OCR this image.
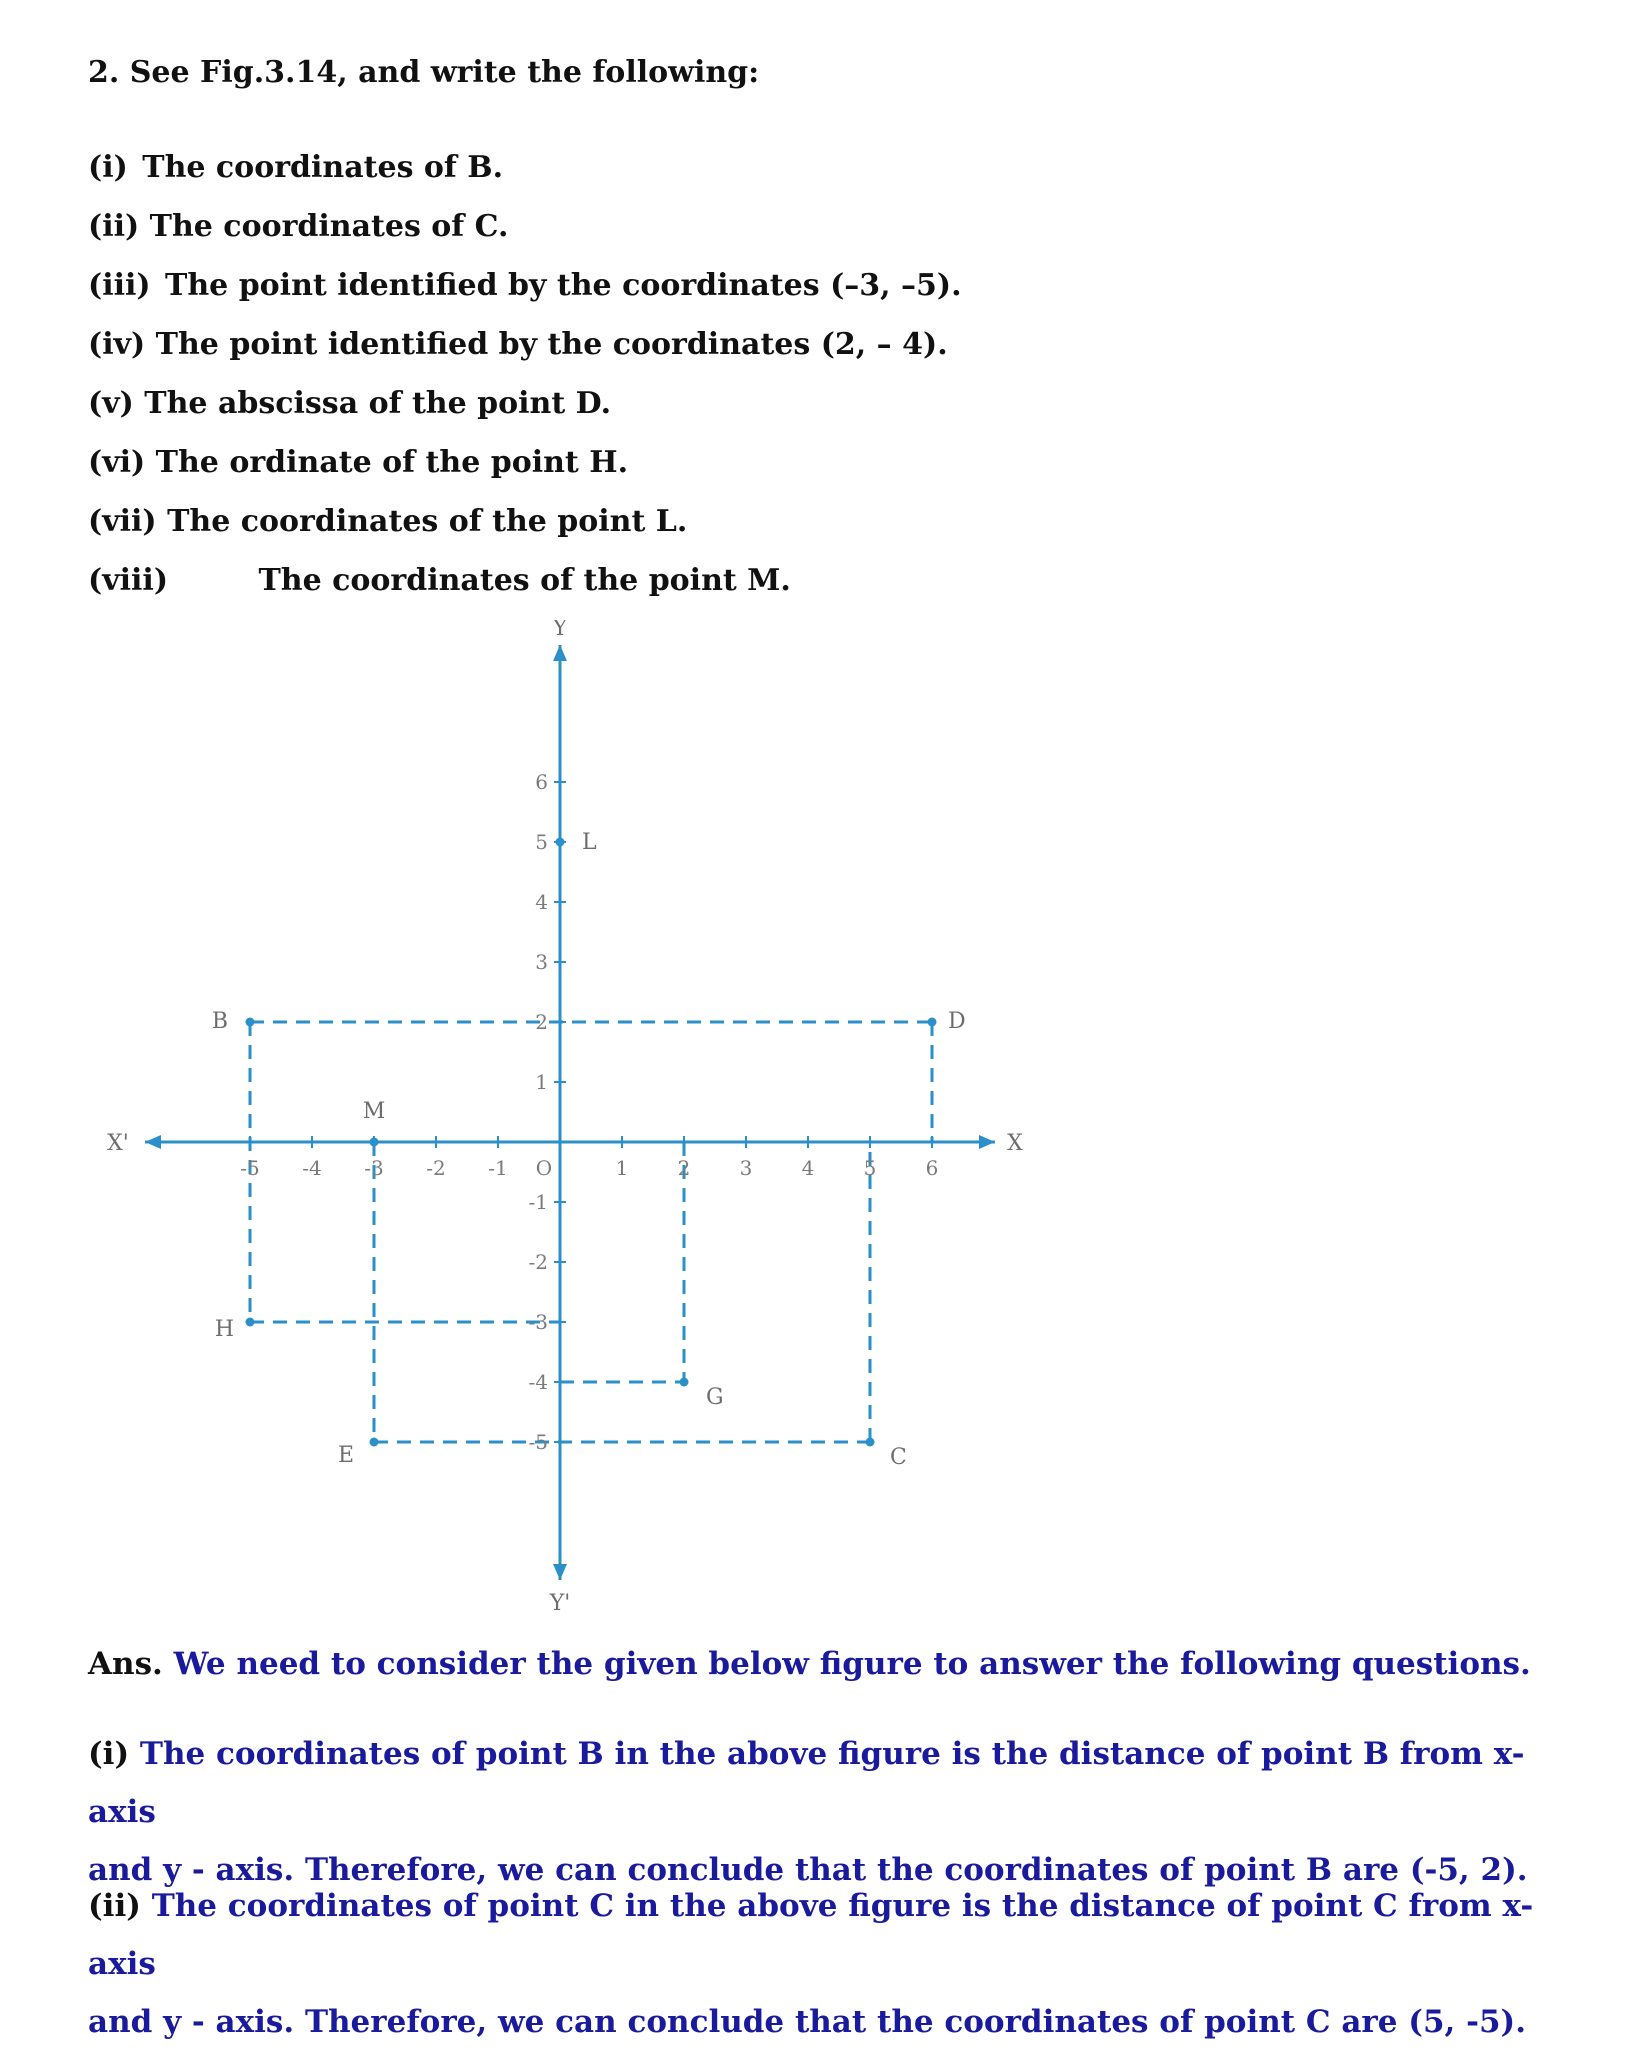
2. See Fig.3.14, and write the following:
(i) The coordinates of B.
(ii) The coordinates of C.
(iii) The point identified by the coordinates (–3, –5).
(iv) The point identified by the coordinates (2, – 4).
(v) The abscissa of the point D.
(vi) The ordinate of the point H.
(vii) The coordinates of the point L.
(viii)	The coordinates of the point M.
X
X'
Y
Y'
O
-5 -4 -3 -2 -1	1 2 3 4 5 6
6
5
4
3
2
1
-1
-2
-3
-4
-5
B	D
L
M
H
G
E	C
Ans. We need to consider the given below figure to answer the following questions.
(i) The coordinates of point B in the above figure is the distance of point B from x-axis
and y - axis. Therefore, we can conclude that the coordinates of point B are (-5, 2).
(ii) The coordinates of point C in the above figure is the distance of point C from x-axis
and y - axis. Therefore, we can conclude that the coordinates of point C are (5, -5).
